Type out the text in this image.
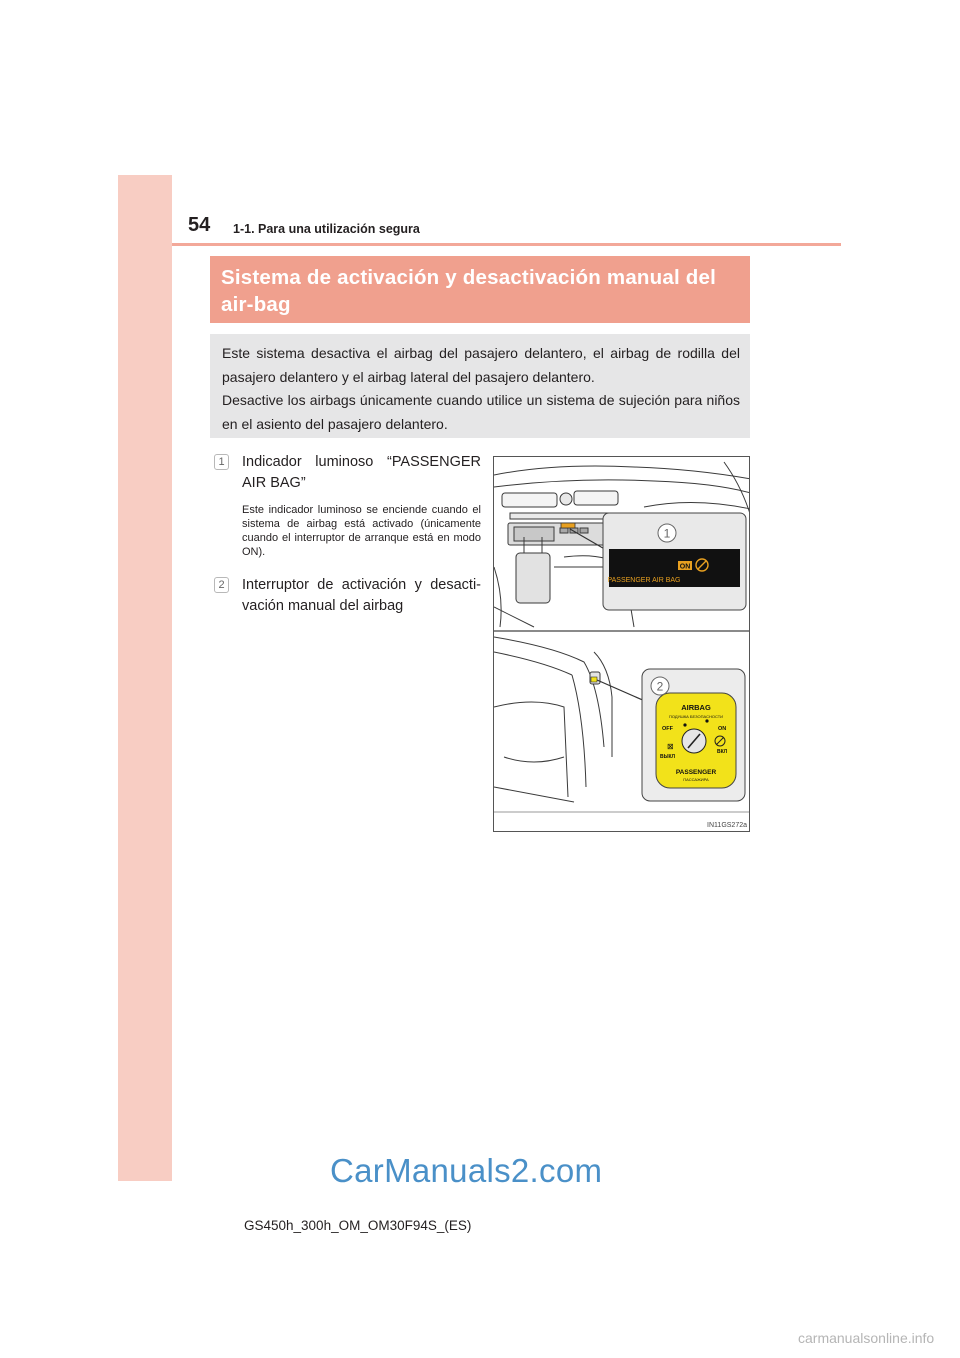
54 1-1. Para una utilización segura
Sistema de activación y desactivación manual del air-bag

Este sistema desactiva el airbag del pasajero delantero, el airbag de rodilla del pasajero delantero y el airbag lateral del pasajero delantero.

Desactive los airbags únicamente cuando utilice un sistema de sujeción para niños en el asiento del pasajero delantero.

1	Indicador luminoso “PASSENGER AIR BAG”
Este indicador luminoso se enciende cuando el sistema de airbag está activado (únicamente cuando el interruptor de arranque está en modo ON).
2	Interruptor de activación y desacti-vación manual del airbag
ON
PASSENGER AIR BAG
1
AIRBAG
ПОДУШКА БЕЗОПАСНОСТИ
OFF
ВЫКЛ
ON
ВКЛ
⊠
PASSENGER
ПАССАЖИРА
2
IN11GS272a
CarManuals2.com
GS450h_300h_OM_OM30F94S_(ES)
carmanualsonline.info
